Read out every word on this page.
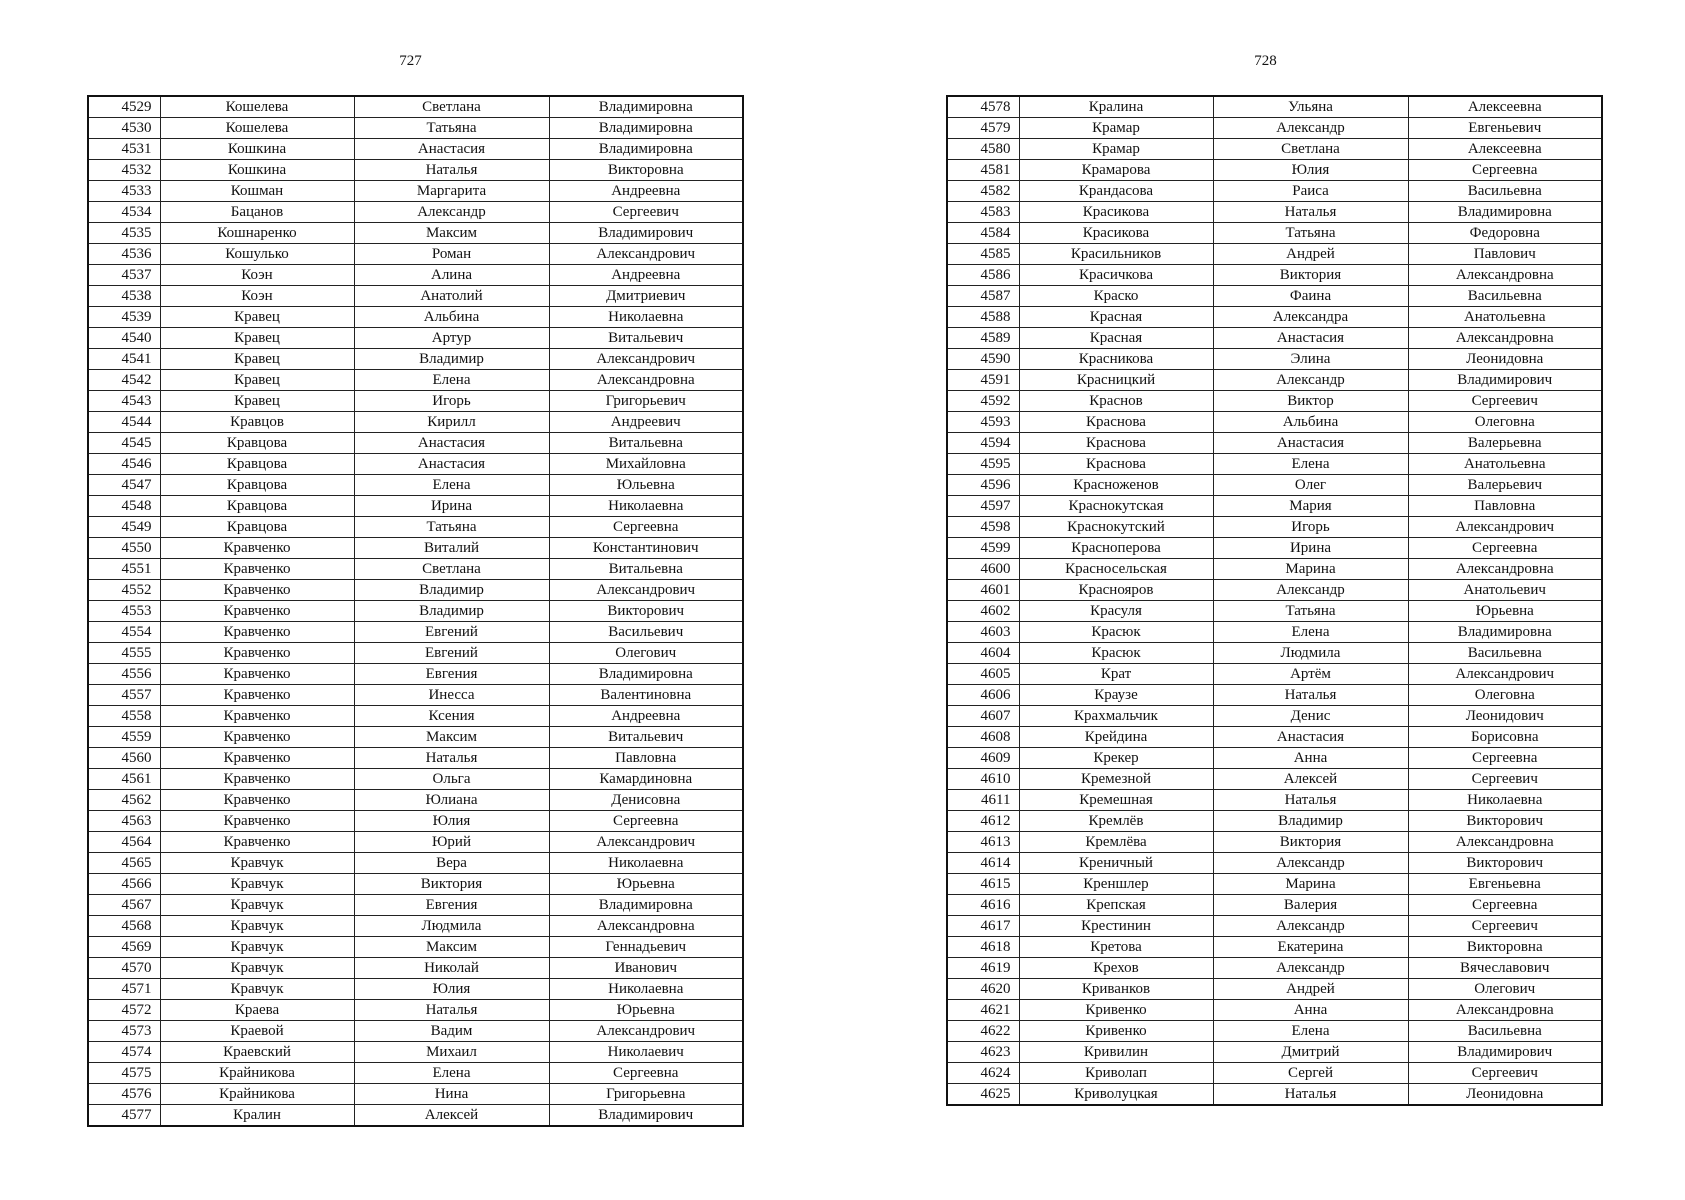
727
4529	Кошелева	Светлана	Владимировна
4530	Кошелева	Татьяна	Владимировна
4531	Кошкина	Анастасия	Владимировна
4532	Кошкина	Наталья	Викторовна
4533	Кошман	Маргарита	Андреевна
4534	Бацанов	Александр	Сергеевич
4535	Кошнаренко	Максим	Владимирович
4536	Кошулько	Роман	Александрович
4537	Коэн	Алина	Андреевна
4538	Коэн	Анатолий	Дмитриевич
4539	Кравец	Альбина	Николаевна
4540	Кравец	Артур	Витальевич
4541	Кравец	Владимир	Александрович
4542	Кравец	Елена	Александровна
4543	Кравец	Игорь	Григорьевич
4544	Кравцов	Кирилл	Андреевич
4545	Кравцова	Анастасия	Витальевна
4546	Кравцова	Анастасия	Михайловна
4547	Кравцова	Елена	Юльевна
4548	Кравцова	Ирина	Николаевна
4549	Кравцова	Татьяна	Сергеевна
4550	Кравченко	Виталий	Константинович
4551	Кравченко	Светлана	Витальевна
4552	Кравченко	Владимир	Александрович
4553	Кравченко	Владимир	Викторович
4554	Кравченко	Евгений	Васильевич
4555	Кравченко	Евгений	Олегович
4556	Кравченко	Евгения	Владимировна
4557	Кравченко	Инесса	Валентиновна
4558	Кравченко	Ксения	Андреевна
4559	Кравченко	Максим	Витальевич
4560	Кравченко	Наталья	Павловна
4561	Кравченко	Ольга	Камардиновна
4562	Кравченко	Юлиана	Денисовна
4563	Кравченко	Юлия	Сергеевна
4564	Кравченко	Юрий	Александрович
4565	Кравчук	Вера	Николаевна
4566	Кравчук	Виктория	Юрьевна
4567	Кравчук	Евгения	Владимировна
4568	Кравчук	Людмила	Александровна
4569	Кравчук	Максим	Геннадьевич
4570	Кравчук	Николай	Иванович
4571	Кравчук	Юлия	Николаевна
4572	Краева	Наталья	Юрьевна
4573	Краевой	Вадим	Александрович
4574	Краевский	Михаил	Николаевич
4575	Крайникова	Елена	Сергеевна
4576	Крайникова	Нина	Григорьевна
4577	Кралин	Алексей	Владимирович
728
4578	Кралина	Ульяна	Алексеевна
4579	Крамар	Александр	Евгеньевич
4580	Крамар	Светлана	Алексеевна
4581	Крамарова	Юлия	Сергеевна
4582	Крандасова	Раиса	Васильевна
4583	Красикова	Наталья	Владимировна
4584	Красикова	Татьяна	Федоровна
4585	Красильников	Андрей	Павлович
4586	Красичкова	Виктория	Александровна
4587	Краско	Фаина	Васильевна
4588	Красная	Александра	Анатольевна
4589	Красная	Анастасия	Александровна
4590	Красникова	Элина	Леонидовна
4591	Красницкий	Александр	Владимирович
4592	Краснов	Виктор	Сергеевич
4593	Краснова	Альбина	Олеговна
4594	Краснова	Анастасия	Валерьевна
4595	Краснова	Елена	Анатольевна
4596	Красноженов	Олег	Валерьевич
4597	Краснокутская	Мария	Павловна
4598	Краснокутский	Игорь	Александрович
4599	Красноперова	Ирина	Сергеевна
4600	Красносельская	Марина	Александровна
4601	Краснояров	Александр	Анатольевич
4602	Красуля	Татьяна	Юрьевна
4603	Красюк	Елена	Владимировна
4604	Красюк	Людмила	Васильевна
4605	Крат	Артём	Александрович
4606	Краузе	Наталья	Олеговна
4607	Крахмальчик	Денис	Леонидович
4608	Крейдина	Анастасия	Борисовна
4609	Крекер	Анна	Сергеевна
4610	Кремезной	Алексей	Сергеевич
4611	Кремешная	Наталья	Николаевна
4612	Кремлёв	Владимир	Викторович
4613	Кремлёва	Виктория	Александровна
4614	Креничный	Александр	Викторович
4615	Креншлер	Марина	Евгеньевна
4616	Крепская	Валерия	Сергеевна
4617	Крестинин	Александр	Сергеевич
4618	Кретова	Екатерина	Викторовна
4619	Крехов	Александр	Вячеславович
4620	Криванков	Андрей	Олегович
4621	Кривенко	Анна	Александровна
4622	Кривенко	Елена	Васильевна
4623	Кривилин	Дмитрий	Владимирович
4624	Криволап	Сергей	Сергеевич
4625	Криволуцкая	Наталья	Леонидовна
